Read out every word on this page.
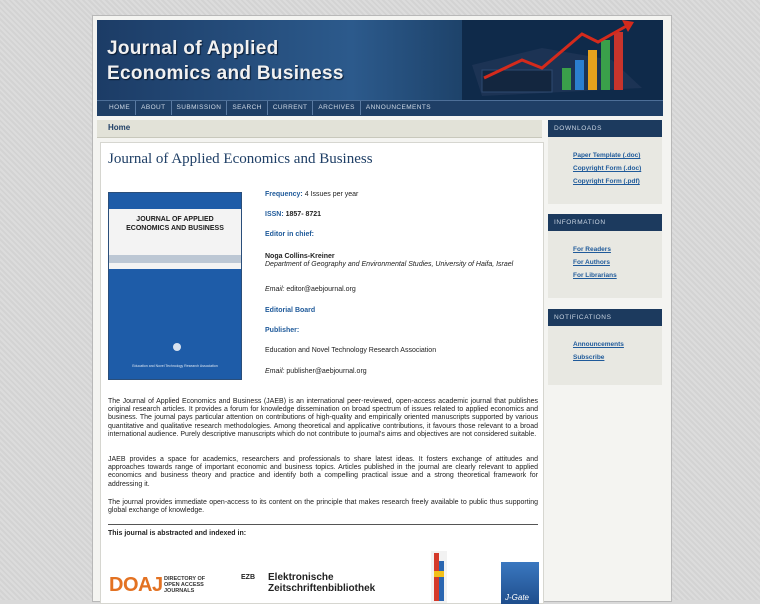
Journal of Applied
Economics and Business
HOME	ABOUT	SUBMISSION	SEARCH	CURRENT	ARCHIVES	ANNOUNCEMENTS
Home
Journal of Applied Economics and Business
JOURNAL OF APPLIED
ECONOMICS AND BUSINESS
Education and Novel Technology Research Association
Frequency: 4 Issues per year
ISSN: 1857- 8721
Editor in chief:
Noga Collins-Kreiner
Department of Geography and Environmental Studies, University of Haifa, Israel
Email: editor@aebjournal.org
Editorial Board
Publisher:
Education and Novel Technology Research Association
Email: publisher@aebjournal.org
The Journal of Applied Economics and Business (JAEB) is an international peer-reviewed, open-access academic journal that publishes original research articles. It provides a forum for knowledge dissemination on broad spectrum of issues related to applied economics and business. The journal pays particular attention on contributions of high-quality and empirically oriented manuscripts supported by various quantitative and qualitative research methodologies. Among theoretical and applicative contributions, it favours those relevant to a broad international audience. Purely descriptive manuscripts which do not contribute to journal's aims and objectives are not considered suitable.
JAEB provides a space for academics, researchers and professionals to share latest ideas. It fosters exchange of attitudes and approaches towards range of important economic and business topics. Articles published in the journal are clearly relevant to applied economics and business theory and practice and identify both a compelling practical issue and a strong theoretical framework for addressing it.
The journal provides immediate open-access to its content on the principle that makes research freely available to public thus supporting global exchange of knowledge.
This journal is abstracted and indexed in:
DOAJ DIRECTORY OF
OPEN ACCESS
JOURNALS
EZB	Elektronische
Zeitschriftenbibliothek
J-Gate
DOWNLOADS
Paper Template (.doc)
Copyright Form (.doc)
Copyright Form (.pdf)
INFORMATION
For Readers
For Authors
For Librarians
NOTIFICATIONS
Announcements
Subscribe
